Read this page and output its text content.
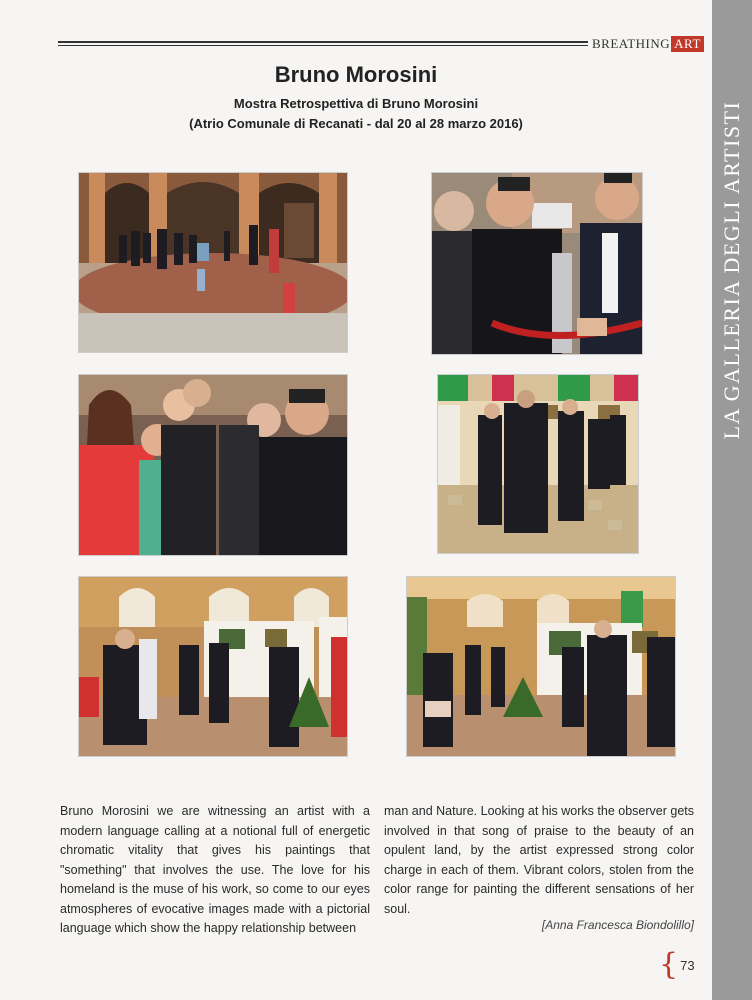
BREATHING ART
Bruno Morosini
Mostra Retrospettiva di Bruno Morosini
(Atrio Comunale di Recanati - dal 20 al 28 marzo 2016)
Bruno Morosini we are witnessing an artist with a modern language calling at a notional full of energetic chromatic vitality that gives his paintings that "something" that involves the use. The love for his homeland is the muse of his work, so come to our eyes atmospheres of evocative images made with a pictorial language which show the happy relationship between
man and Nature. Looking at his works the observer gets involved in that song of praise to the beauty of an opulent land, by the artist expressed strong color charge in each of them. Vibrant colors, stolen from the color range for painting the different sensations of her soul.
[Anna Francesca Biondolillo]
{ 73
LA GALLERIA DEGLI ARTISTI
